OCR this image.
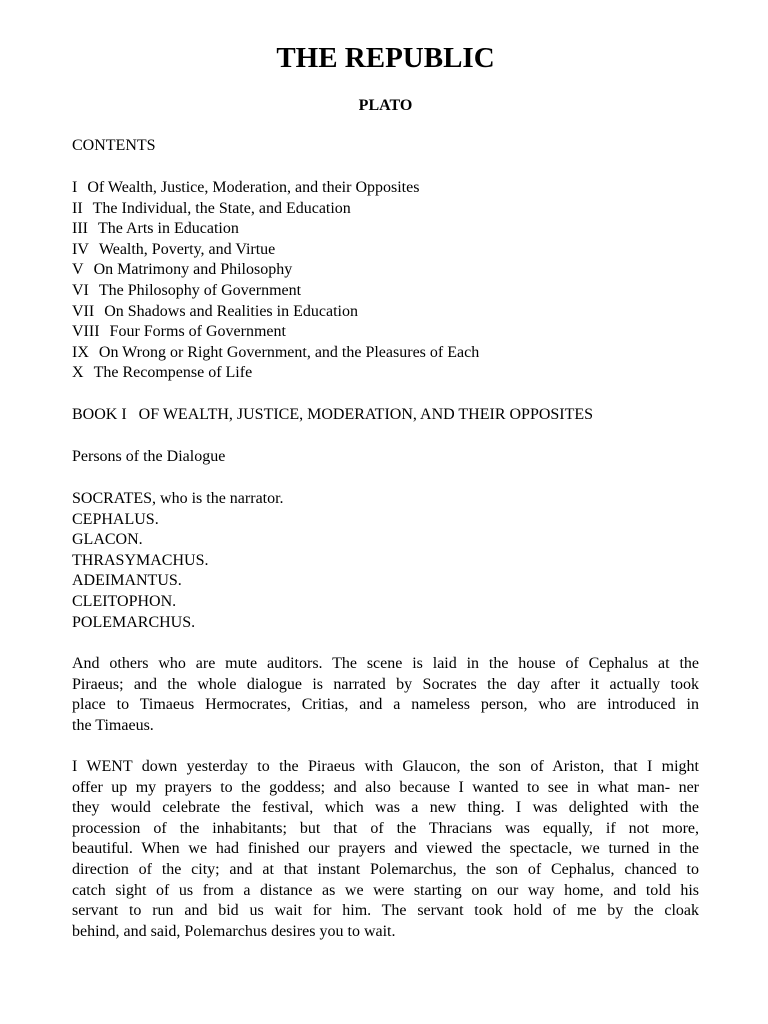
THE REPUBLIC
PLATO
CONTENTS
I Of Wealth, Justice, Moderation, and their Opposites
II The Individual, the State, and Education
III The Arts in Education
IV Wealth, Poverty, and Virtue
V On Matrimony and Philosophy
VI The Philosophy of Government
VII On Shadows and Realities in Education
VIII Four Forms of Government
IX On Wrong or Right Government, and the Pleasures of Each
X The Recompense of Life
BOOK I   OF WEALTH, JUSTICE, MODERATION, AND THEIR OPPOSITES
Persons of the Dialogue
SOCRATES, who is the narrator.
CEPHALUS.
GLACON.
THRASYMACHUS.
ADEIMANTUS.
CLEITOPHON.
POLEMARCHUS.
And others who are mute auditors. The scene is laid in the house of Cephalus at the
Piraeus; and the whole dialogue is narrated by Socrates the day after it actually took
place to Timaeus Hermocrates, Critias, and a nameless person, who are introduced in
the Timaeus.
I WENT down yesterday to the Piraeus with Glaucon, the son of Ariston, that I might
offer up my prayers to the goddess; and also because I wanted to see in what man- ner
they would celebrate the festival, which was a new thing. I was delighted with the
procession of the inhabitants; but that of the Thracians was equally, if not more,
beautiful. When we had finished our prayers and viewed the spectacle, we turned in the
direction of the city; and at that instant Polemarchus, the son of Cephalus, chanced to
catch sight of us from a distance as we were starting on our way home, and told his
servant to run and bid us wait for him. The servant took hold of me by the cloak
behind, and said, Polemarchus desires you to wait.
